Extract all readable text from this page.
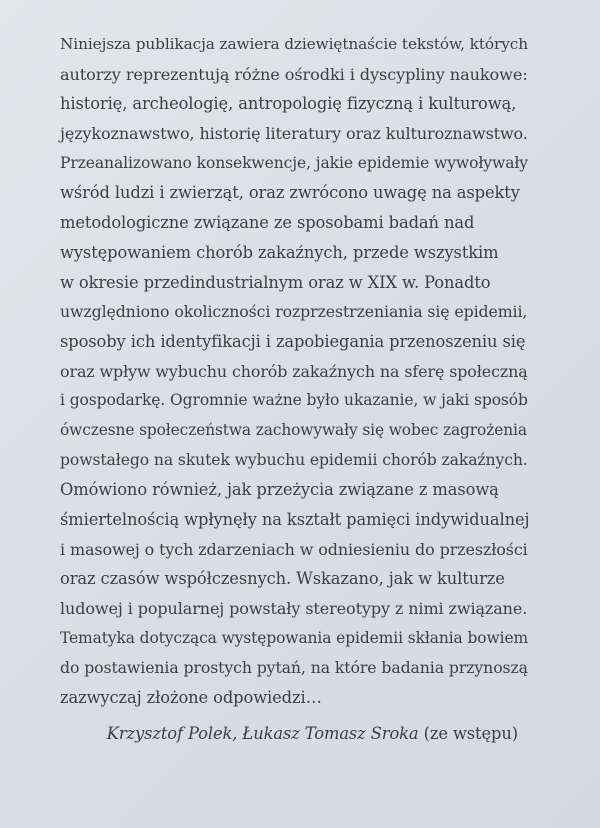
Niniejsza publikacja zawiera dziewiętnaście tekstów, których
autorzy reprezentują różne ośrodki i dyscypliny naukowe:
historię, archeologię, antropologię fizyczną i kulturową,
językoznawstwo, historię literatury oraz kulturoznawstwo.
Przeanalizowano konsekwencje, jakie epidemie wywoływały
wśród ludzi i zwierząt, oraz zwrócono uwagę na aspekty
metodologiczne związane ze sposobami badań nad
występowaniem chorób zakaźnych, przede wszystkim
w okresie przedindustrialnym oraz w XIX w. Ponadto
uwzględniono okoliczności rozprzestrzeniania się epidemii,
sposoby ich identyfikacji i zapobiegania przenoszeniu się
oraz wpływ wybuchu chorób zakaźnych na sferę społeczną
i gospodarkę. Ogromnie ważne było ukazanie, w jaki sposób
ówczesne społeczeństwa zachowywały się wobec zagrożenia
powstałego na skutek wybuchu epidemii chorób zakaźnych.
Omówiono również, jak przeżycia związane z masową
śmiertelnością wpłynęły na kształt pamięci indywidualnej
i masowej o tych zdarzeniach w odniesieniu do przeszłości
oraz czasów współczesnych. Wskazano, jak w kulturze
ludowej i popularnej powstały stereotypy z nimi związane.
Tematyka dotycząca występowania epidemii skłania bowiem
do postawienia prostych pytań, na które badania przynoszą
zazwyczaj złożone odpowiedzi…
Krzysztof Polek, Łukasz Tomasz Sroka (ze wstępu)
